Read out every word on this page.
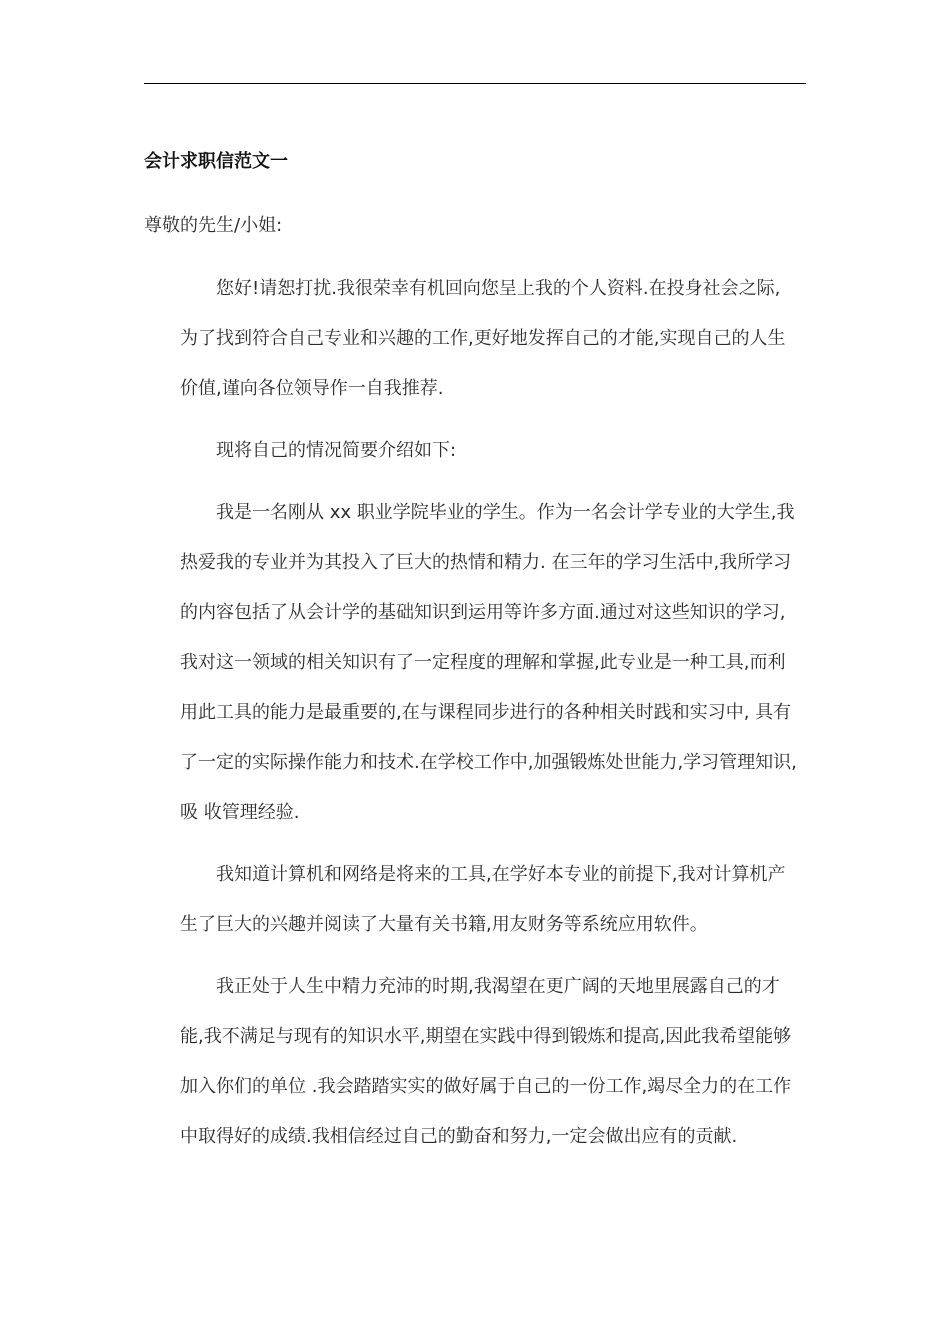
会计求职信范文一
尊敬的先生/小姐:
您好!请恕打扰.我很荣幸有机回向您呈上我的个人资料.在投身社会之际,
为了找到符合自己专业和兴趣的工作,更好地发挥自己的才能,实现自己的人生
价值,谨向各位领导作一自我推荐.
现将自己的情况简要介绍如下:
我是一名刚从 xx 职业学院毕业的学生。作为一名会计学专业的大学生,我
热爱我的专业并为其投入了巨大的热情和精力. 在三年的学习生活中,我所学习
的内容包括了从会计学的基础知识到运用等许多方面.通过对这些知识的学习,
我对这一领域的相关知识有了一定程度的理解和掌握,此专业是一种工具,而利
用此工具的能力是最重要的,在与课程同步进行的各种相关时践和实习中, 具有
了一定的实际操作能力和技术.在学校工作中,加强锻炼处世能力,学习管理知识,
吸 收管理经验.
我知道计算机和网络是将来的工具,在学好本专业的前提下,我对计算机产
生了巨大的兴趣并阅读了大量有关书籍,用友财务等系统应用软件。
我正处于人生中精力充沛的时期,我渴望在更广阔的天地里展露自己的才
能,我不满足与现有的知识水平,期望在实践中得到锻炼和提高,因此我希望能够
加入你们的单位 .我会踏踏实实的做好属于自己的一份工作,竭尽全力的在工作
中取得好的成绩.我相信经过自己的勤奋和努力,一定会做出应有的贡献.
